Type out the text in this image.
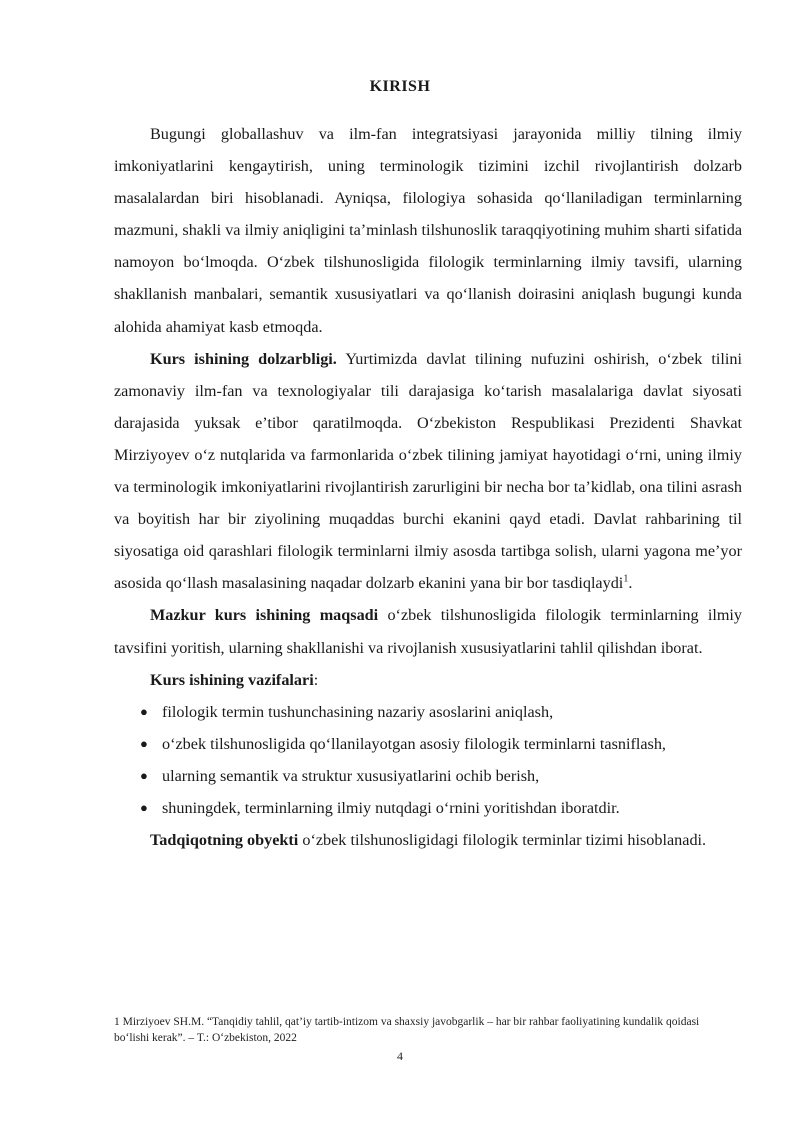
KIRISH

Bugungi globallashuv va ilm-fan integratsiyasi jarayonida milliy tilning ilmiy imkoniyatlarini kengaytirish, uning terminologik tizimini izchil rivojlantirish dolzarb masalalardan biri hisoblanadi. Ayniqsa, filologiya sohasida qo‘llaniladigan terminlarning mazmuni, shakli va ilmiy aniqligini ta’minlash tilshunoslik taraqqiyotining muhim sharti sifatida namoyon bo‘lmoqda. O‘zbek tilshunosligida filologik terminlarning ilmiy tavsifi, ularning shakllanish manbalari, semantik xususiyatlari va qo‘llanish doirasini aniqlash bugungi kunda alohida ahamiyat kasb etmoqda.

Kurs ishining dolzarbligi. Yurtimizda davlat tilining nufuzini oshirish, o‘zbek tilini zamonaviy ilm-fan va texnologiyalar tili darajasiga ko‘tarish masalalariga davlat siyosati darajasida yuksak e’tibor qaratilmoqda. O‘zbekiston Respublikasi Prezidenti Shavkat Mirziyoyev o‘z nutqlarida va farmonlarida o‘zbek tilining jamiyat hayotidagi o‘rni, uning ilmiy va terminologik imkoniyatlarini rivojlantirish zarurligini bir necha bor ta’kidlab, ona tilini asrash va boyitish har bir ziyolining muqaddas burchi ekanini qayd etadi. Davlat rahbarining til siyosatiga oid qarashlari filologik terminlarni ilmiy asosda tartibga solish, ularni yagona me’yor asosida qo‘llash masalasining naqadar dolzarb ekanini yana bir bor tasdiqlaydi$^1$.

Mazkur kurs ishining maqsadi o‘zbek tilshunosligida filologik terminlarning ilmiy tavsifini yoritish, ularning shakllanishi va rivojlanish xususiyatlarini tahlil qilishdan iborat.

Kurs ishining vazifalari:

● filologik termin tushunchasining nazariy asoslarini aniqlash,
● o‘zbek tilshunosligida qo‘llanilayotgan asosiy filologik terminlarni tasniflash,
● ularning semantik va struktur xususiyatlarini ochib berish,
● shuningdek, terminlarning ilmiy nutqdagi o‘rnini yoritishdan iboratdir.

Tadqiqotning obyekti o‘zbek tilshunosligidagi filologik terminlar tizimi hisoblanadi.

1 Mirziyoev SH.M. “Tanqidiy tahlil, qat’iy tartib-intizom va shaxsiy javobgarlik – har bir rahbar faoliyatining kundalik qoidasi bo‘lishi kerak”. – T.: O‘zbekiston, 2022
4
